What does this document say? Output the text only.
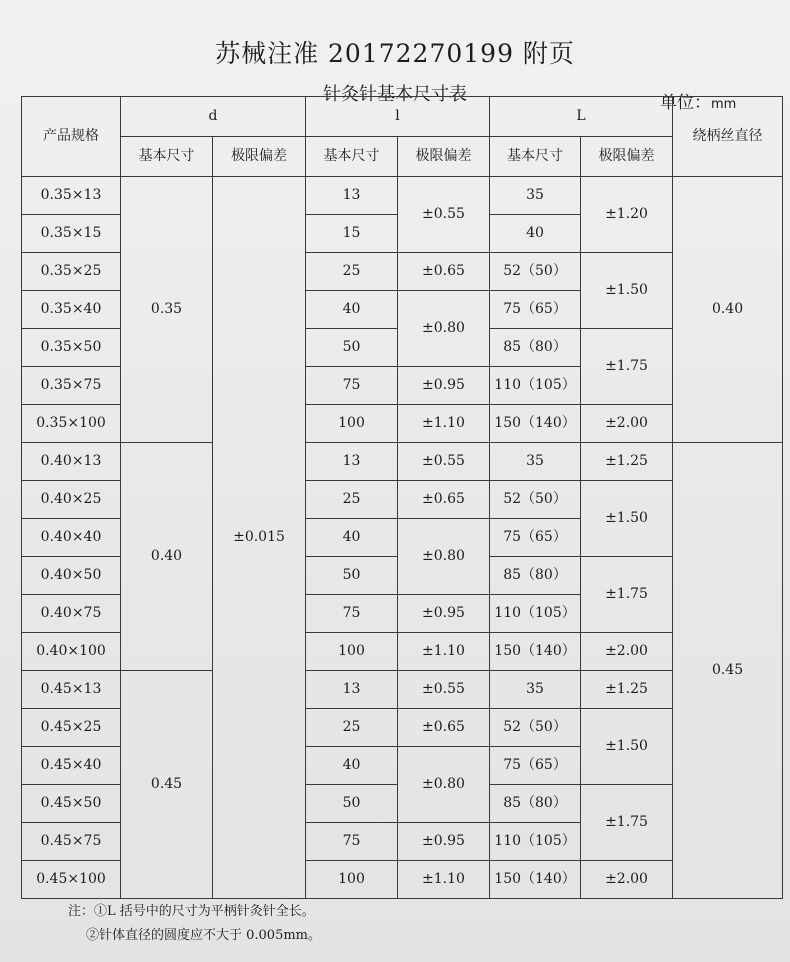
苏械注准 20172270199 附页
针灸针基本尺寸表	单位：mm
产品规格	d		l		L		绕柄丝直径
	基本尺寸	极限偏差	基本尺寸	极限偏差	基本尺寸	极限偏差	
0.35×13	0.35	±0.015	13	±0.55	35	±1.20	0.40
0.35×15			15		40		
0.35×25			25	±0.65	52（50）	±1.50	
0.35×40			40	±0.80	75（65）		
0.35×50			50		85（80）	±1.75	
0.35×75			75	±0.95	110（105）		
0.35×100			100	±1.10	150（140）	±2.00	
0.40×13	0.40		13	±0.55	35	±1.25	0.45
0.40×25			25	±0.65	52（50）	±1.50	
0.40×40			40	±0.80	75（65）		
0.40×50			50		85（80）	±1.75	
0.40×75			75	±0.95	110（105）		
0.40×100			100	±1.10	150（140）	±2.00	
0.45×13	0.45		13	±0.55	35	±1.25	
0.45×25			25	±0.65	52（50）	±1.50	
0.45×40			40	±0.80	75（65）		
0.45×50			50		85（80）	±1.75	
0.45×75			75	±0.95	110（105）		
0.45×100			100	±1.10	150（140）	±2.00	
注：①L 括号中的尺寸为平柄针灸针全长。
②针体直径的圆度应不大于 0.005mm。
